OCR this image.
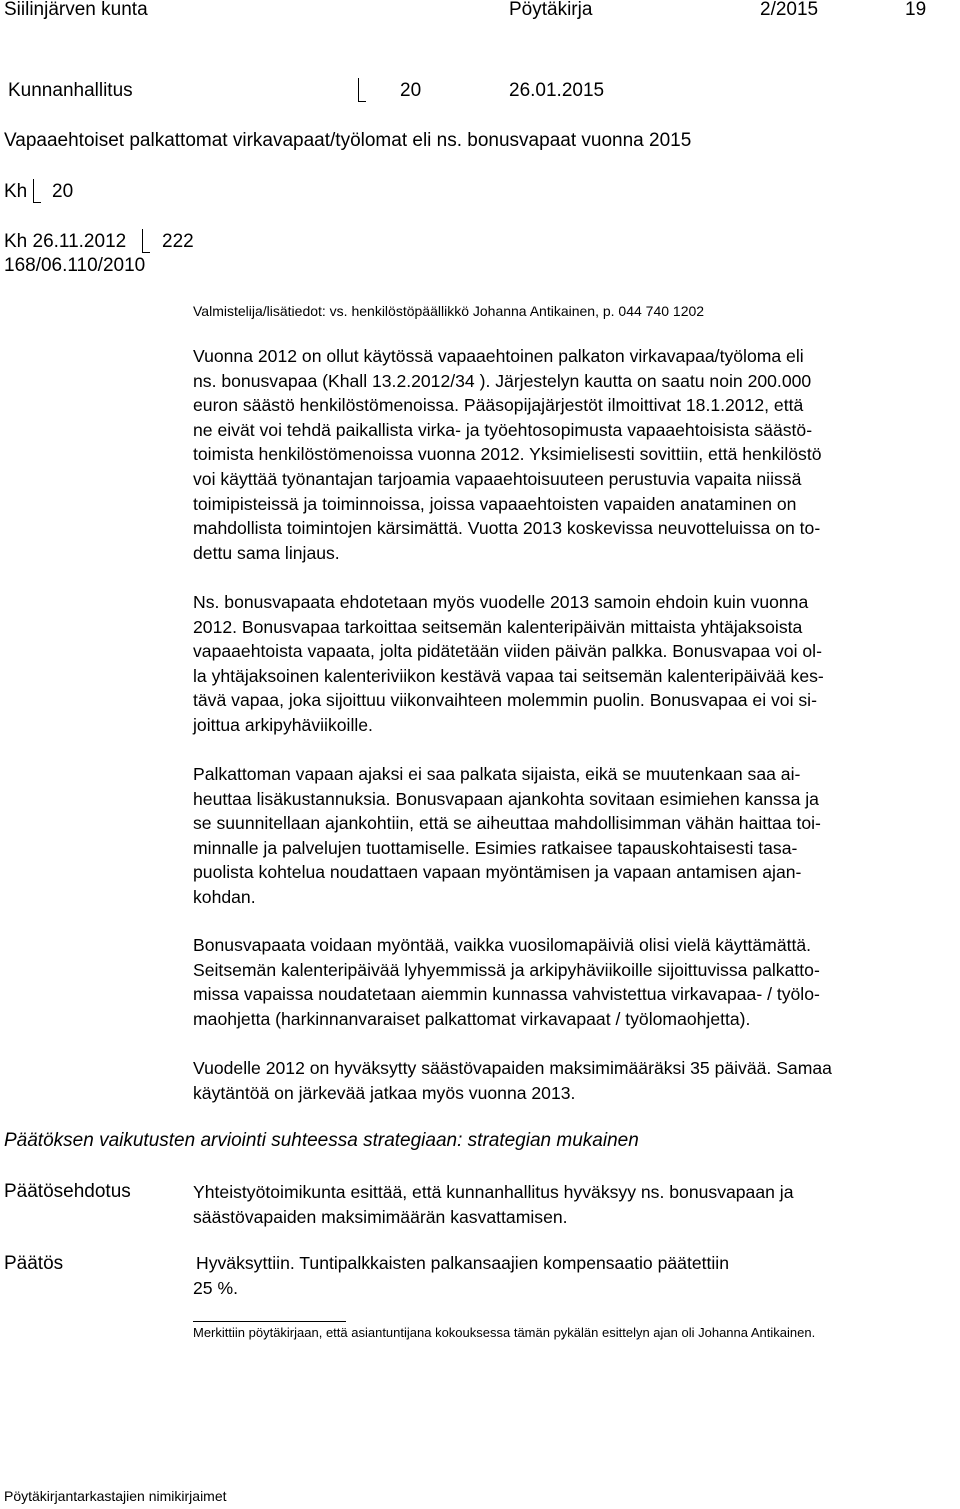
Siilinjärven kunta	Pöytäkirja	2/2015	19
Kunnanhallitus	20	26.01.2015
Vapaaehtoiset palkattomat virkavapaat/työlomat eli ns. bonusvapaat vuonna 2015
Kh 20
Kh 26.11.2012 222
168/06.110/2010
Valmistelija/lisätiedot: vs. henkilöstöpäällikkö Johanna Antikainen, p. 044 740 1202

Vuonna 2012 on ollut käytössä vapaaehtoinen palkaton virkavapaa/työloma eli

ns. bonusvapaa (Khall 13.2.2012/34 ). Järjestelyn kautta on saatu noin 200.000

euron säästö henkilöstömenoissa. Pääsopijajärjestöt ilmoittivat 18.1.2012, että

ne eivät voi tehdä paikallista virka- ja työehtosopimusta vapaaehtoisista säästö-

toimista henkilöstömenoissa vuonna 2012. Yksimielisesti sovittiin, että henkilöstö

voi käyttää työnantajan tarjoamia vapaaehtoisuuteen perustuvia vapaita niissä

toimipisteissä ja toiminnoissa, joissa vapaaehtoisten vapaiden anataminen on

mahdollista toimintojen kärsimättä. Vuotta 2013 koskevissa neuvotteluissa on to-

dettu sama linjaus.

Ns. bonusvapaata ehdotetaan myös vuodelle 2013 samoin ehdoin kuin vuonna

2012. Bonusvapaa tarkoittaa seitsemän kalenteripäivän mittaista yhtäjaksoista

vapaaehtoista vapaata, jolta pidätetään viiden päivän palkka. Bonusvapaa voi ol-

la yhtäjaksoinen kalenteriviikon kestävä vapaa tai seitsemän kalenteripäivää kes-

tävä vapaa, joka sijoittuu viikonvaihteen molemmin puolin. Bonusvapaa ei voi si-

joittua arkipyhäviikoille.

Palkattoman vapaan ajaksi ei saa palkata sijaista, eikä se muutenkaan saa ai-

heuttaa lisäkustannuksia. Bonusvapaan ajankohta sovitaan esimiehen kanssa ja

se suunnitellaan ajankohtiin, että se aiheuttaa mahdollisimman vähän haittaa toi-

minnalle ja palvelujen tuottamiselle. Esimies ratkaisee tapauskohtaisesti tasa-

puolista kohtelua noudattaen vapaan myöntämisen ja vapaan antamisen ajan-

kohdan.

Bonusvapaata voidaan myöntää, vaikka vuosilomapäiviä olisi vielä käyttämättä.

Seitsemän kalenteripäivää lyhyemmissä ja arkipyhäviikoille sijoittuvissa palkatto-

missa vapaissa noudatetaan aiemmin kunnassa vahvistettua virkavapaa- / työlo-

maohjetta (harkinnanvaraiset palkattomat virkavapaat / työlomaohjetta).

Vuodelle 2012 on hyväksytty säästövapaiden maksimimääräksi 35 päivää. Samaa

käytäntöä on järkevää jatkaa myös vuonna 2013.

Päätöksen vaikutusten arviointi suhteessa strategiaan: strategian mukainen
Päätösehdotus	Yhteistyötoimikunta esittää, että kunnanhallitus hyväksyy ns. bonusvapaan ja

säästövapaiden maksimimäärän kasvattamisen.

Päätös	Hyväksyttiin. Tuntipalkkaisten palkansaajien kompensaatio päätettiin

25 %.

Merkittiin pöytäkirjaan, että asiantuntijana kokouksessa tämän pykälän esittelyn ajan oli Johanna Antikainen.
Pöytäkirjantarkastajien nimikirjaimet
